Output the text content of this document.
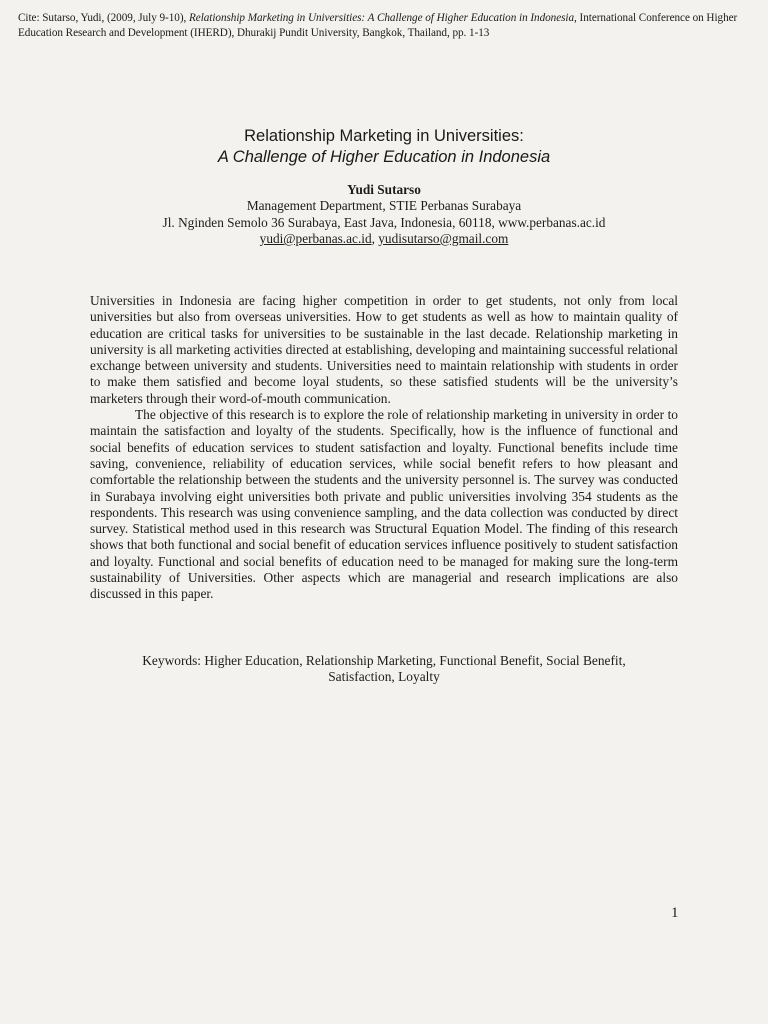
Cite: Sutarso, Yudi, (2009, July 9-10), Relationship Marketing in Universities: A Challenge of Higher Education in Indonesia, International Conference on Higher Education Research and Development (IHERD), Dhurakij Pundit University, Bangkok, Thailand, pp. 1-13
Relationship Marketing in Universities:
A Challenge of Higher Education in Indonesia
Yudi Sutarso
Management Department, STIE Perbanas Surabaya
Jl. Nginden Semolo 36 Surabaya, East Java, Indonesia, 60118, www.perbanas.ac.id
yudi@perbanas.ac.id, yudisutarso@gmail.com

Universities in Indonesia are facing higher competition in order to get students, not only from local universities but also from overseas universities. How to get students as well as how to maintain quality of education are critical tasks for universities to be sustainable in the last decade. Relationship marketing in university is all marketing activities directed at establishing, developing and maintaining successful relational exchange between university and students. Universities need to maintain relationship with students in order to make them satisfied and become loyal students, so these satisfied students will be the university’s marketers through their word-of-mouth communication.

The objective of this research is to explore the role of relationship marketing in university in order to maintain the satisfaction and loyalty of the students. Specifically, how is the influence of functional and social benefits of education services to student satisfaction and loyalty. Functional benefits include time saving, convenience, reliability of education services, while social benefit refers to how pleasant and comfortable the relationship between the students and the university personnel is. The survey was conducted in Surabaya involving eight universities both private and public universities involving 354 students as the respondents. This research was using convenience sampling, and the data collection was conducted by direct survey. Statistical method used in this research was Structural Equation Model. The finding of this research shows that both functional and social benefit of education services influence positively to student satisfaction and loyalty. Functional and social benefits of education need to be managed for making sure the long-term sustainability of Universities. Other aspects which are managerial and research implications are also discussed in this paper.

Keywords: Higher Education, Relationship Marketing, Functional Benefit, Social Benefit,
Satisfaction, Loyalty
1
